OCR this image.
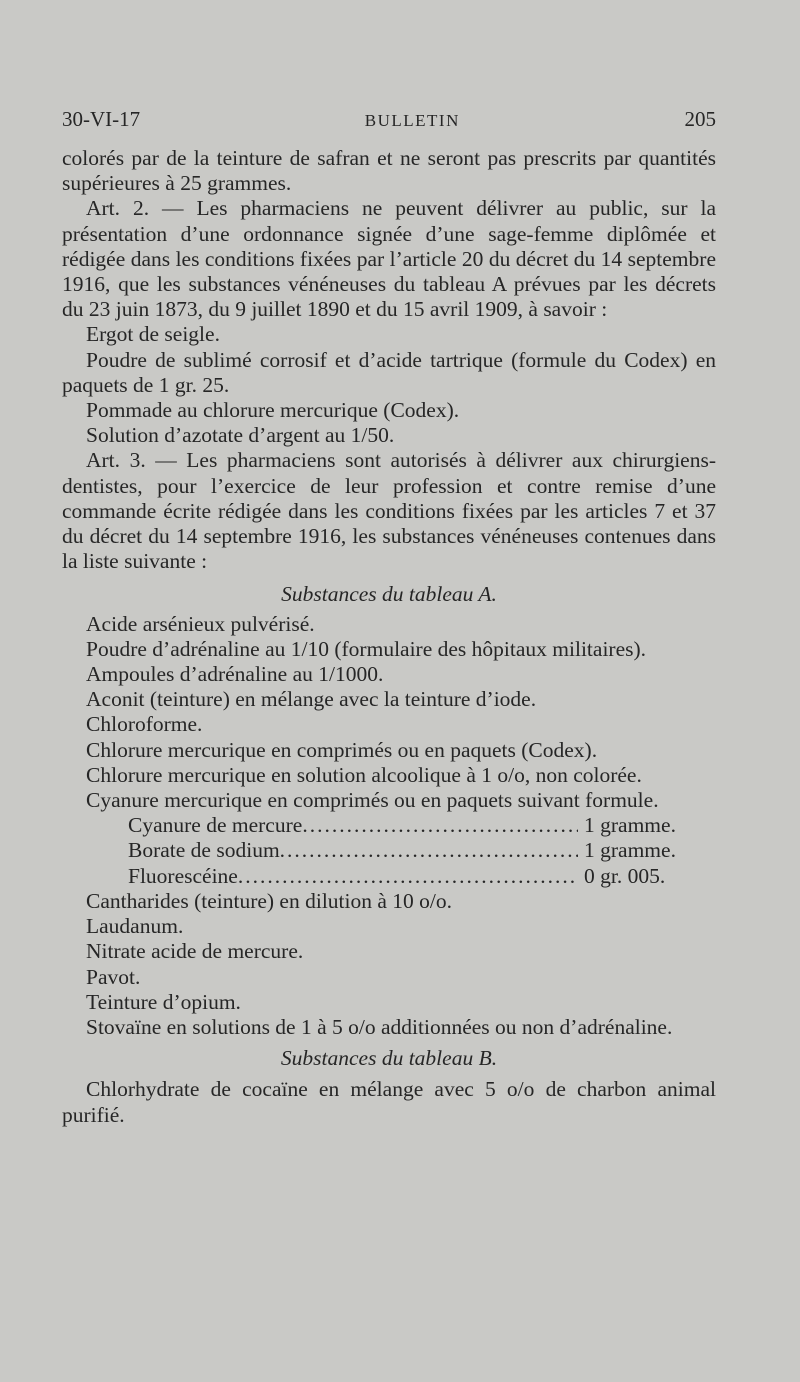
30-VI-17	BULLETIN	205

colorés par de la teinture de safran et ne seront pas prescrits par quantités supérieures à 25 grammes.

Art. 2. — Les pharmaciens ne peuvent délivrer au public, sur la présentation d’une ordonnance signée d’une sage-femme diplômée et rédigée dans les conditions fixées par l’article 20 du décret du 14 septembre 1916, que les substances vénéneuses du tableau A prévues par les décrets du 23 juin 1873, du 9 juillet 1890 et du 15 avril 1909, à savoir :

Ergot de seigle.

Poudre de sublimé corrosif et d’acide tartrique (formule du Codex) en paquets de 1 gr. 25.

Pommade au chlorure mercurique (Codex).

Solution d’azotate d’argent au 1/50.

Art. 3. — Les pharmaciens sont autorisés à délivrer aux chirurgiens-dentistes, pour l’exercice de leur profession et contre remise d’une commande écrite rédigée dans les conditions fixées par les articles 7 et 37 du décret du 14 septembre 1916, les substances vénéneuses contenues dans la liste suivante :

Substances du tableau A.

Acide arsénieux pulvérisé.

Poudre d’adrénaline au 1/10 (formulaire des hôpitaux militaires).

Ampoules d’adrénaline au 1/1000.

Aconit (teinture) en mélange avec la teinture d’iode.

Chloroforme.

Chlorure mercurique en comprimés ou en paquets (Codex).

Chlorure mercurique en solution alcoolique à 1 o/o, non colorée.

Cyanure mercurique en comprimés ou en paquets suivant formule.

Cyanure de mercure .....	1 gramme.
Borate de sodium .....	1 gramme.
Fluorescéine .....	0 gr. 005.

Cantharides (teinture) en dilution à 10 o/o.

Laudanum.

Nitrate acide de mercure.

Pavot.

Teinture d’opium.

Stovaïne en solutions de 1 à 5 o/o additionnées ou non d’adrénaline.

Substances du tableau B.

Chlorhydrate de cocaïne en mélange avec 5 o/o de charbon animal purifié.
